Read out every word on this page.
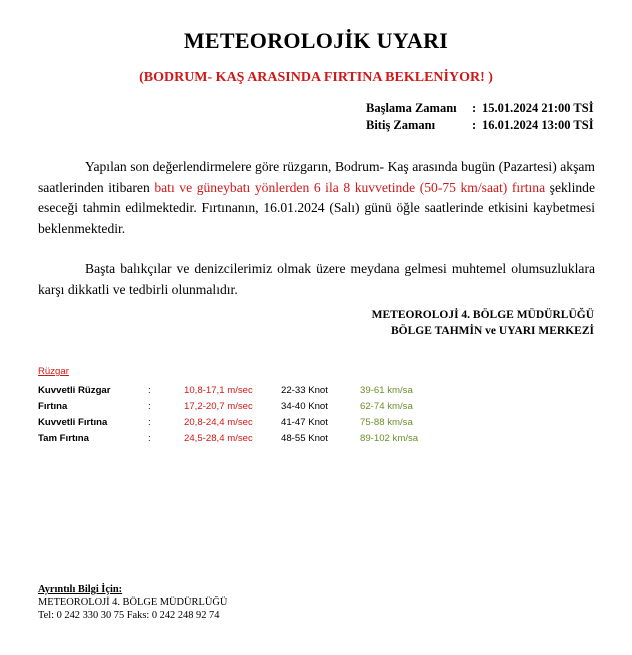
METEOROLOJİK UYARI
(BODRUM- KAŞ ARASINDA FIRTINA BEKLENİYOR! )
Başlama Zamanı	: 15.01.2024 21:00 TSİ
Bitiş Zamanı	: 16.01.2024 13:00 TSİ

Yapılan son değerlendirmelere göre rüzgarın, Bodrum- Kaş arasında bugün (Pazartesi) akşam saatlerinden itibaren batı ve güneybatı yönlerden 6 ila 8 kuvvetinde (50-75 km/saat) fırtına şeklinde eseceği tahmin edilmektedir. Fırtınanın, 16.01.2024 (Salı) günü öğle saatlerinde etkisini kaybetmesi beklenmektedir.

Başta balıkçılar ve denizcilerimiz olmak üzere meydana gelmesi muhtemel olumsuzluklara karşı dikkatli ve tedbirli olunmalıdır.

METEOROLOJİ 4. BÖLGE MÜDÜRLÜĞÜ
BÖLGE TAHMİN ve UYARI MERKEZİ
Rüzgar
Kuvvetli Rüzgar	:	10,8-17,1 m/sec	22-33 Knot	39-61 km/sa
Fırtına	:	17,2-20,7 m/sec	34-40 Knot	62-74 km/sa
Kuvvetli Fırtına	:	20,8-24,4 m/sec	41-47 Knot	75-88 km/sa
Tam Fırtına	:	24,5-28,4 m/sec	48-55 Knot	89-102 km/sa
Ayrıntılı Bilgi İçin:
METEOROLOJİ 4. BÖLGE MÜDÜRLÜĞÜ
Tel: 0 242 330 30 75 Faks: 0 242 248 92 74
